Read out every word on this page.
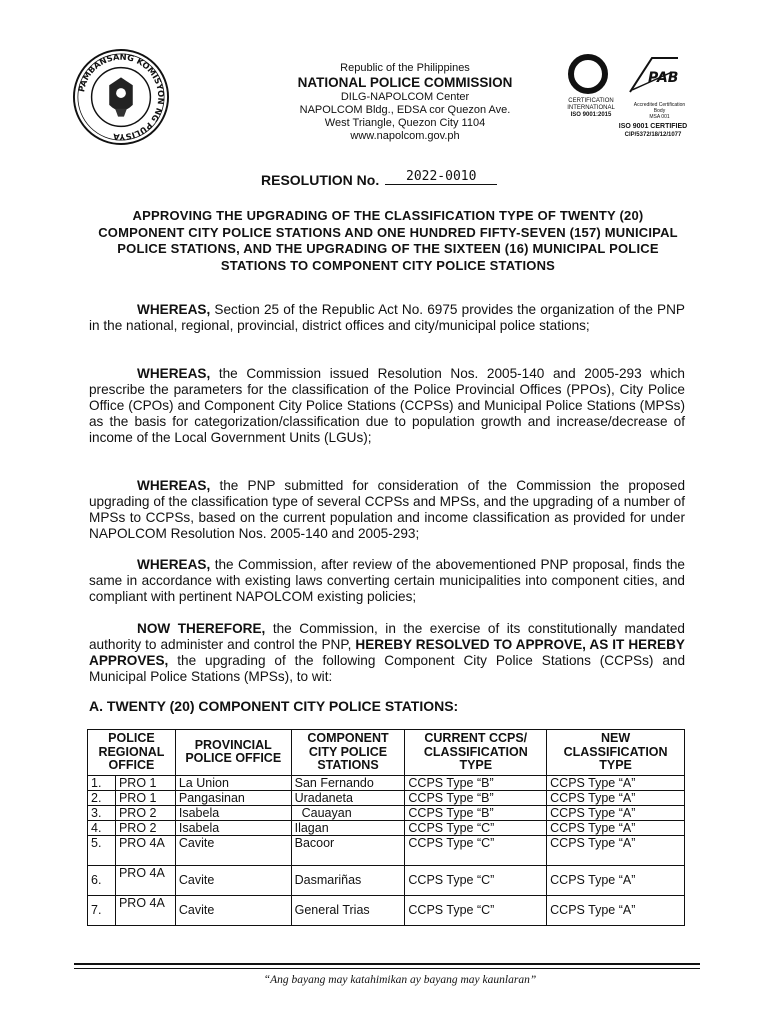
PAMBANSANG KOMISYON NG PULISYA
Republic of the Philippines
NATIONAL POLICE COMMISSION
DILG-NAPOLCOM Center
NAPOLCOM Bldg., EDSA cor Quezon Ave.
West Triangle, Quezon City 1104
www.napolcom.gov.ph
PAB
CERTIFICATION INTERNATIONAL
ISO 9001:2015
Accredited Certification Body
MSA 001
ISO 9001 CERTIFIED
CIP/5372/18/12/1077
RESOLUTION No. 2022-0010
APPROVING THE UPGRADING OF THE CLASSIFICATION TYPE OF TWENTY (20) COMPONENT CITY POLICE STATIONS AND ONE HUNDRED FIFTY-SEVEN (157) MUNICIPAL POLICE STATIONS, AND THE UPGRADING OF THE SIXTEEN (16) MUNICIPAL POLICE STATIONS TO COMPONENT CITY POLICE STATIONS
WHEREAS, Section 25 of the Republic Act No. 6975 provides the organization of the PNP in the national, regional, provincial, district offices and city/municipal police stations;
WHEREAS, the Commission issued Resolution Nos. 2005-140 and 2005-293 which prescribe the parameters for the classification of the Police Provincial Offices (PPOs), City Police Office (CPOs) and Component City Police Stations (CCPSs) and Municipal Police Stations (MPSs) as the basis for categorization/classification due to population growth and increase/decrease of income of the Local Government Units (LGUs);
WHEREAS, the PNP submitted for consideration of the Commission the proposed upgrading of the classification type of several CCPSs and MPSs, and the upgrading of a number of MPSs to CCPSs, based on the current population and income classification as provided for under NAPOLCOM Resolution Nos. 2005-140 and 2005-293;
WHEREAS, the Commission, after review of the abovementioned PNP proposal, finds the same in accordance with existing laws converting certain municipalities into component cities, and compliant with pertinent NAPOLCOM existing policies;
NOW THEREFORE, the Commission, in the exercise of its constitutionally mandated authority to administer and control the PNP, HEREBY RESOLVED TO APPROVE, AS IT HEREBY APPROVES, the upgrading of the following Component City Police Stations (CCPSs) and Municipal Police Stations (MPSs), to wit:
A. TWENTY (20) COMPONENT CITY POLICE STATIONS:
POLICE REGIONAL OFFICE		PROVINCIAL POLICE OFFICE	COMPONENT CITY POLICE STATIONS	CURRENT CCPS/ CLASSIFICATION TYPE	NEW CLASSIFICATION TYPE
1.	PRO 1	La Union	San Fernando	CCPS Type “B”	CCPS Type “A”
2.	PRO 1	Pangasinan	Uradaneta	CCPS Type “B”	CCPS Type “A”
3.	PRO 2	Isabela	Cauayan	CCPS Type “B”	CCPS Type “A”
4.	PRO 2	Isabela	Ilagan	CCPS Type “C”	CCPS Type “A”
5.	PRO 4A	Cavite	Bacoor	CCPS Type “C”	CCPS Type “A”
6.	PRO 4A	Cavite	Dasmariñas	CCPS Type “C”	CCPS Type “A”
7.	PRO 4A	Cavite	General Trias	CCPS Type “C”	CCPS Type “A”
“Ang bayang may katahimikan ay bayang may kaunlaran”
